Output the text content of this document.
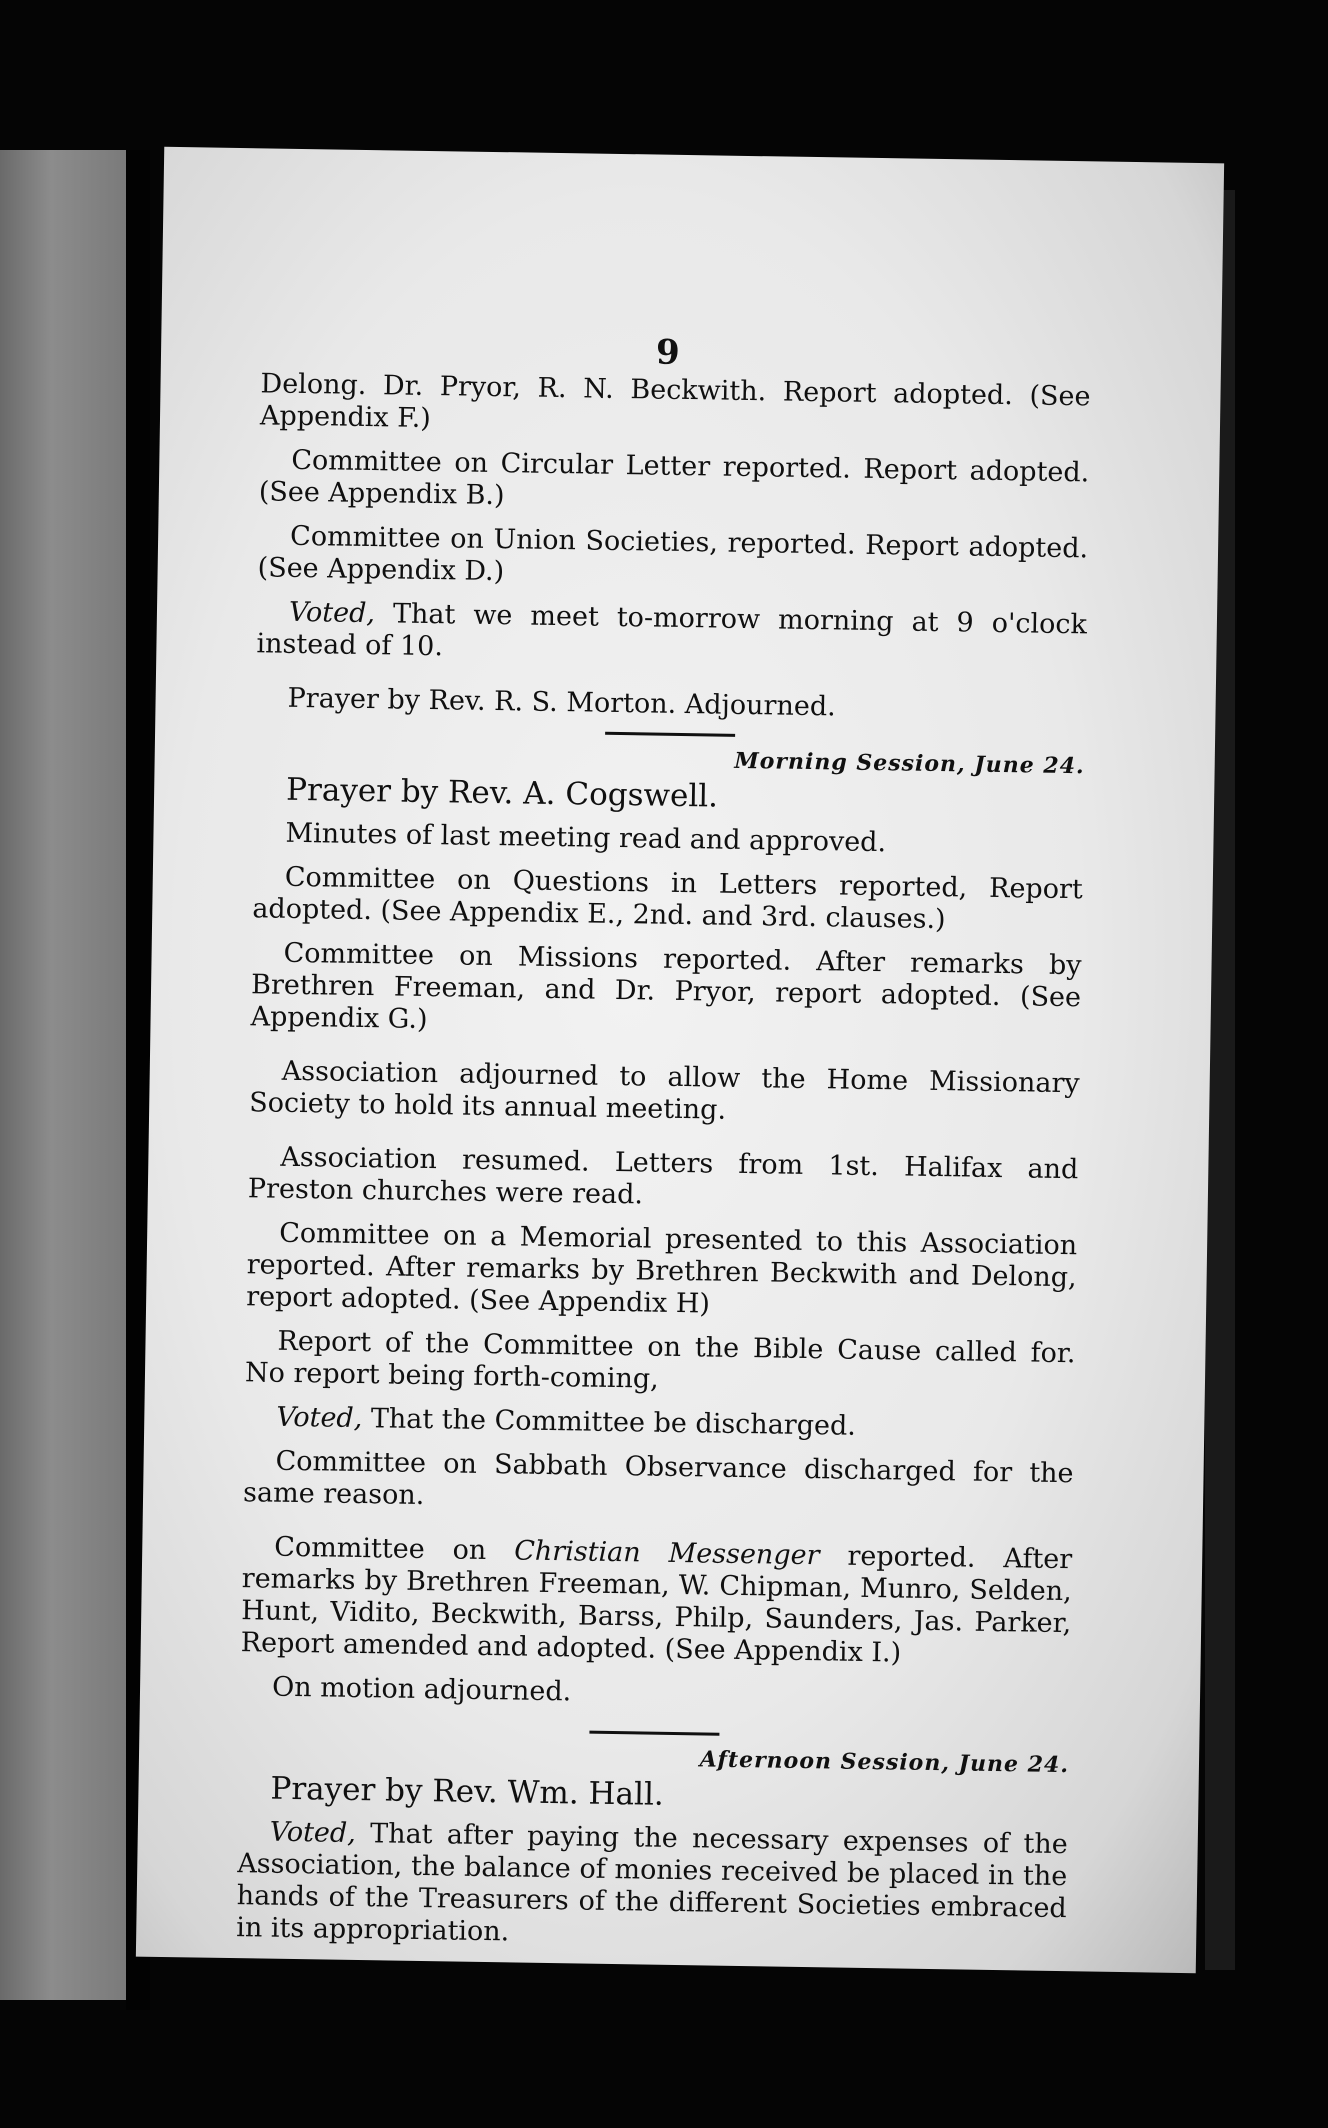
9

Delong. Dr. Pryor, R. N. Beckwith. Report adopted. (See Appendix F.)

Committee on Circular Letter reported. Report adopted. (See Appendix B.)

Committee on Union Societies, reported. Report adopted. (See Appendix D.)

Voted, That we meet to-morrow morning at 9 o'clock instead of 10.

Prayer by Rev. R. S. Morton. Adjourned.

Morning Session, June 24.

Prayer by Rev. A. Cogswell.

Minutes of last meeting read and approved.

Committee on Questions in Letters reported, Report adopted. (See Appendix E., 2nd. and 3rd. clauses.)

Committee on Missions reported. After remarks by Brethren Freeman, and Dr. Pryor, report adopted. (See Appendix G.)

Association adjourned to allow the Home Missionary Society to hold its annual meeting.

Association resumed. Letters from 1st. Halifax and Preston churches were read.

Committee on a Memorial presented to this Association reported. After remarks by Brethren Beckwith and Delong, report adopted. (See Appendix H)

Report of the Committee on the Bible Cause called for. No report being forth-coming,

Voted, That the Committee be discharged.

Committee on Sabbath Observance discharged for the same reason.

Committee on Christian Messenger reported. After remarks by Brethren Freeman, W. Chipman, Munro, Selden, Hunt, Vidito, Beckwith, Barss, Philp, Saunders, Jas. Parker, Report amended and adopted. (See Appendix I.)

On motion adjourned.

Afternoon Session, June 24.

Prayer by Rev. Wm. Hall.

Voted, That after paying the necessary expenses of the Association, the balance of monies received be placed in the hands of the Treasurers of the different Societies embraced in its appropriation.
